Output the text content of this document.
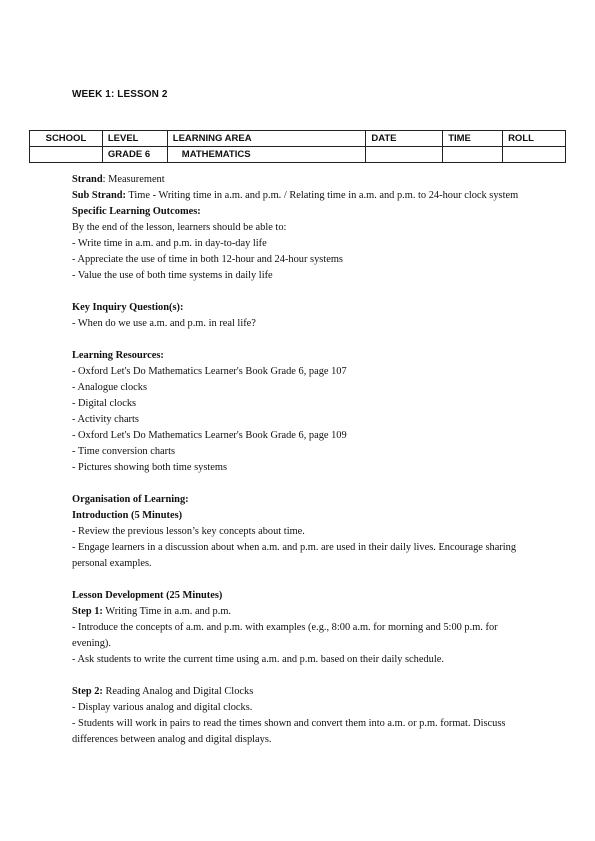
WEEK 1: LESSON 2
SCHOOL	LEVEL	LEARNING AREA	DATE	TIME	ROLL
	GRADE 6	MATHEMATICS			

Strand: Measurement

Sub Strand: Time - Writing time in a.m. and p.m. / Relating time in a.m. and p.m. to 24-hour clock system

Specific Learning Outcomes:

By the end of the lesson, learners should be able to:

- Write time in a.m. and p.m. in day-to-day life

- Appreciate the use of time in both 12-hour and 24-hour systems

- Value the use of both time systems in daily life

Key Inquiry Question(s):

- When do we use a.m. and p.m. in real life?

Learning Resources:

- Oxford Let's Do Mathematics Learner's Book Grade 6, page 107

- Analogue clocks

- Digital clocks

- Activity charts

- Oxford Let's Do Mathematics Learner's Book Grade 6, page 109

- Time conversion charts

- Pictures showing both time systems

Organisation of Learning:

Introduction (5 Minutes)

- Review the previous lesson’s key concepts about time.

- Engage learners in a discussion about when a.m. and p.m. are used in their daily lives. Encourage sharing personal examples.

Lesson Development (25 Minutes)

Step 1: Writing Time in a.m. and p.m.

- Introduce the concepts of a.m. and p.m. with examples (e.g., 8:00 a.m. for morning and 5:00 p.m. for evening).

- Ask students to write the current time using a.m. and p.m. based on their daily schedule.

Step 2: Reading Analog and Digital Clocks

- Display various analog and digital clocks.

- Students will work in pairs to read the times shown and convert them into a.m. or p.m. format. Discuss differences between analog and digital displays.
